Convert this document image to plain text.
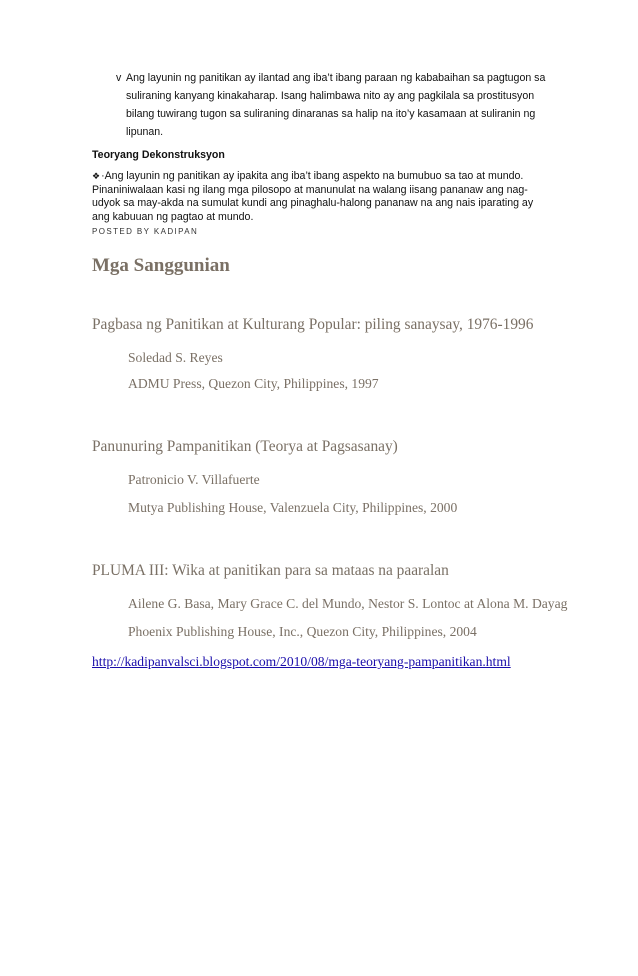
v Ang layunin ng panitikan ay ilantad ang iba’t ibang paraan ng kababaihan sa pagtugon sa
suliraning kanyang kinakaharap. Isang halimbawa nito ay ang pagkilala sa prostitusyon
bilang tuwirang tugon sa suliraning dinaranas sa halip na ito’y kasamaan at suliranin ng
lipunan.
Teoryang Dekonstruksyon
❖·Ang layunin ng panitikan ay ipakita ang iba’t ibang aspekto na bumubuo sa tao at mundo.
Pinaniniwalaan kasi ng ilang mga pilosopo at manunulat na walang iisang pananaw ang nag-
udyok sa may-akda na sumulat kundi ang pinaghalu-halong pananaw na ang nais iparating ay
ang kabuuan ng pagtao at mundo.
POSTED BY KADIPAN
Mga Sanggunian
Pagbasa ng Panitikan at Kulturang Popular: piling sanaysay, 1976-1996
Soledad S. Reyes
ADMU Press, Quezon City, Philippines, 1997
Panunuring Pampanitikan (Teorya at Pagsasanay)
Patronicio V. Villafuerte
Mutya Publishing House, Valenzuela City, Philippines, 2000
PLUMA III: Wika at panitikan para sa mataas na paaralan
Ailene G. Basa, Mary Grace C. del Mundo, Nestor S. Lontoc at Alona M. Dayag
Phoenix Publishing House, Inc., Quezon City, Philippines, 2004
http://kadipanvalsci.blogspot.com/2010/08/mga-teoryang-pampanitikan.html
